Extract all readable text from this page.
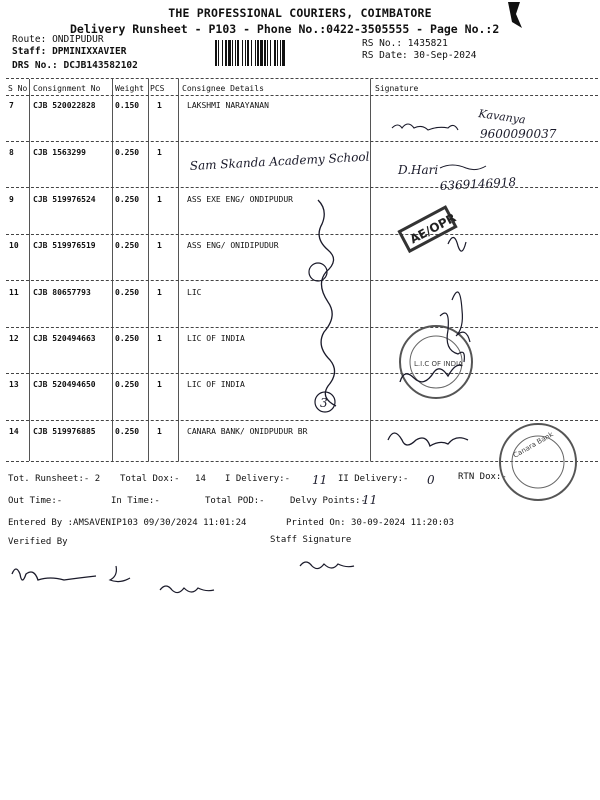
THE PROFESSIONAL COURIERS, COIMBATORE
Delivery Runsheet - P103 - Phone No.:0422-3505555 - Page No.:2
Route: ONDIPUDUR
Staff: DPMINIXXAVIER
DRS No.: DCJB143582102
RS No.: 1435821
RS Date: 30-Sep-2024
S No Consignment No Weight PCS Consignee Details	Signature
7 CJB 520022828 0.150 1	LAKSHMI NARAYANAN
8 CJB 1563299	0.250 1
9 CJB 519976524 0.250 1	ASS EXE ENG/ ONDIPUDUR
10 CJB 519976519 0.250 1	ASS ENG/ ONIDIPUDUR
11 CJB 80657793	0.250 1	LIC
12 CJB 520494663 0.250 1	LIC OF INDIA
13 CJB 520494650 0.250 1	LIC OF INDIA
14 CJB 519976885 0.250 1	CANARA BANK/ ONIDPUDUR BR
Tot. Runsheet:- 2 Total Dox:- 14 I Delivery:-	II Delivery:-	RTN Dox:-
Out Time:-	In Time:-	Total POD:-	Delvy Points:-
Entered By :AMSAVENIP103 09/30/2024 11:01:24	Printed On: 30-09-2024 11:20:03
Verified By	Staff Signature
Kavanya
9600090037
Sam Skanda Academy School D.Hari
6369146918
AE/OPR
3
L.I.C OF INDIA
Canara Bank
11	0
11
